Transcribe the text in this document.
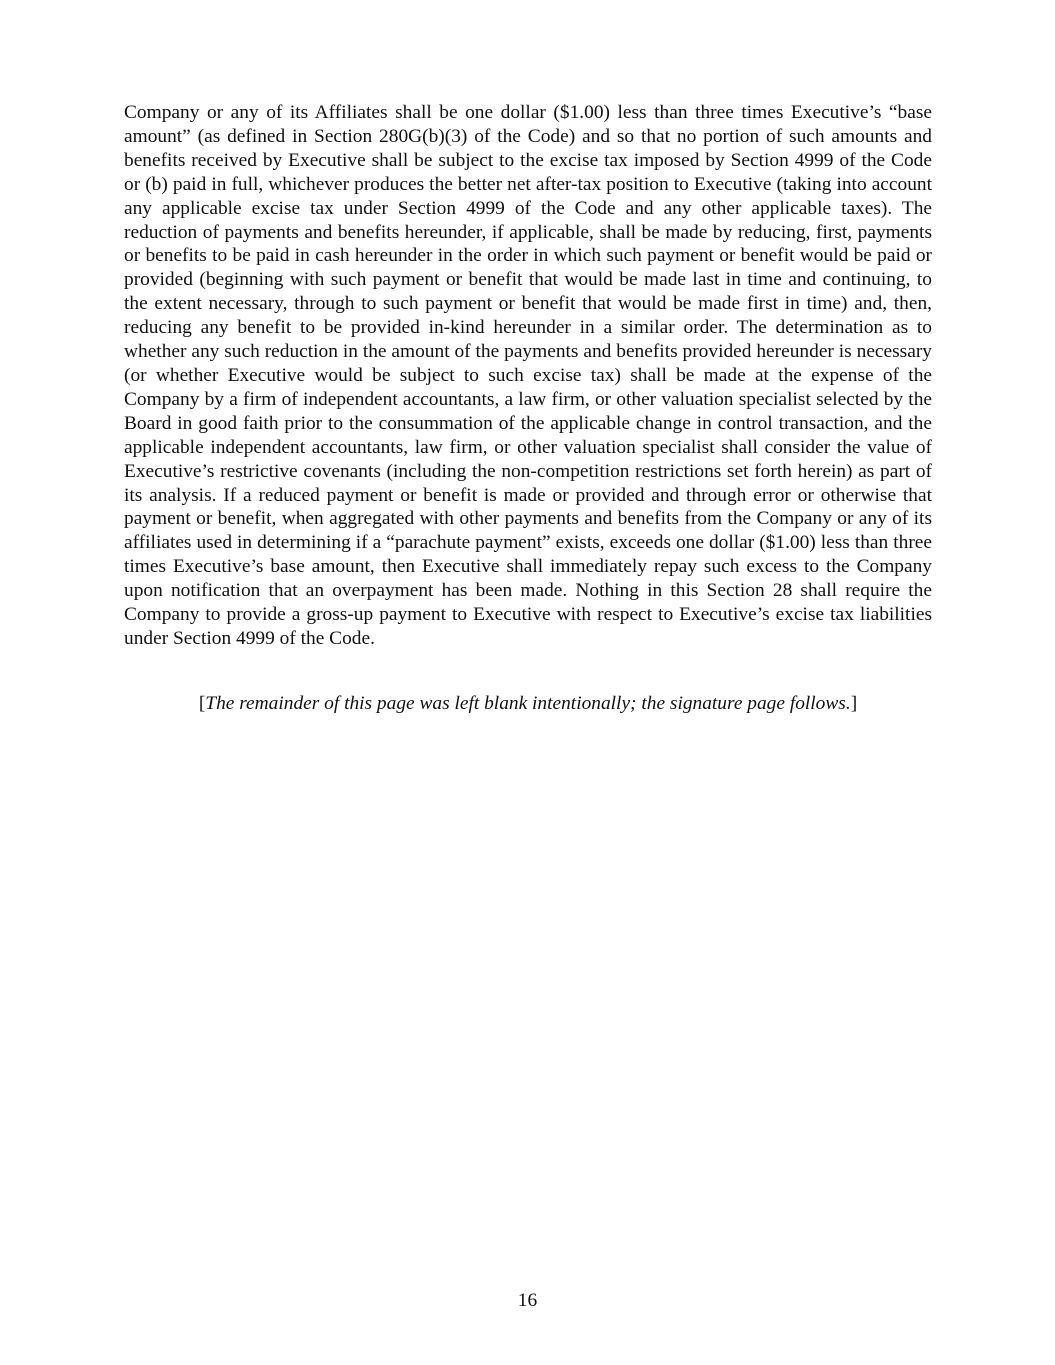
Company or any of its Affiliates shall be one dollar ($1.00) less than three times Executive’s “base amount” (as defined in Section 280G(b)(3) of the Code) and so that no portion of such amounts and benefits received by Executive shall be subject to the excise tax imposed by Section 4999 of the Code or (b) paid in full, whichever produces the better net after-tax position to Executive (taking into account any applicable excise tax under Section 4999 of the Code and any other applicable taxes). The reduction of payments and benefits hereunder, if applicable, shall be made by reducing, first, payments or benefits to be paid in cash hereunder in the order in which such payment or benefit would be paid or provided (beginning with such payment or benefit that would be made last in time and continuing, to the extent necessary, through to such payment or benefit that would be made first in time) and, then, reducing any benefit to be provided in-kind hereunder in a similar order. The determination as to whether any such reduction in the amount of the payments and benefits provided hereunder is necessary (or whether Executive would be subject to such excise tax) shall be made at the expense of the Company by a firm of independent accountants, a law firm, or other valuation specialist selected by the Board in good faith prior to the consummation of the applicable change in control transaction, and the applicable independent accountants, law firm, or other valuation specialist shall consider the value of Executive’s restrictive covenants (including the non-competition restrictions set forth herein) as part of its analysis. If a reduced payment or benefit is made or provided and through error or otherwise that payment or benefit, when aggregated with other payments and benefits from the Company or any of its affiliates used in determining if a “parachute payment” exists, exceeds one dollar ($1.00) less than three times Executive’s base amount, then Executive shall immediately repay such excess to the Company upon notification that an overpayment has been made. Nothing in this Section 28 shall require the Company to provide a gross-up payment to Executive with respect to Executive’s excise tax liabilities under Section 4999 of the Code.

[The remainder of this page was left blank intentionally; the signature page follows.]

16
